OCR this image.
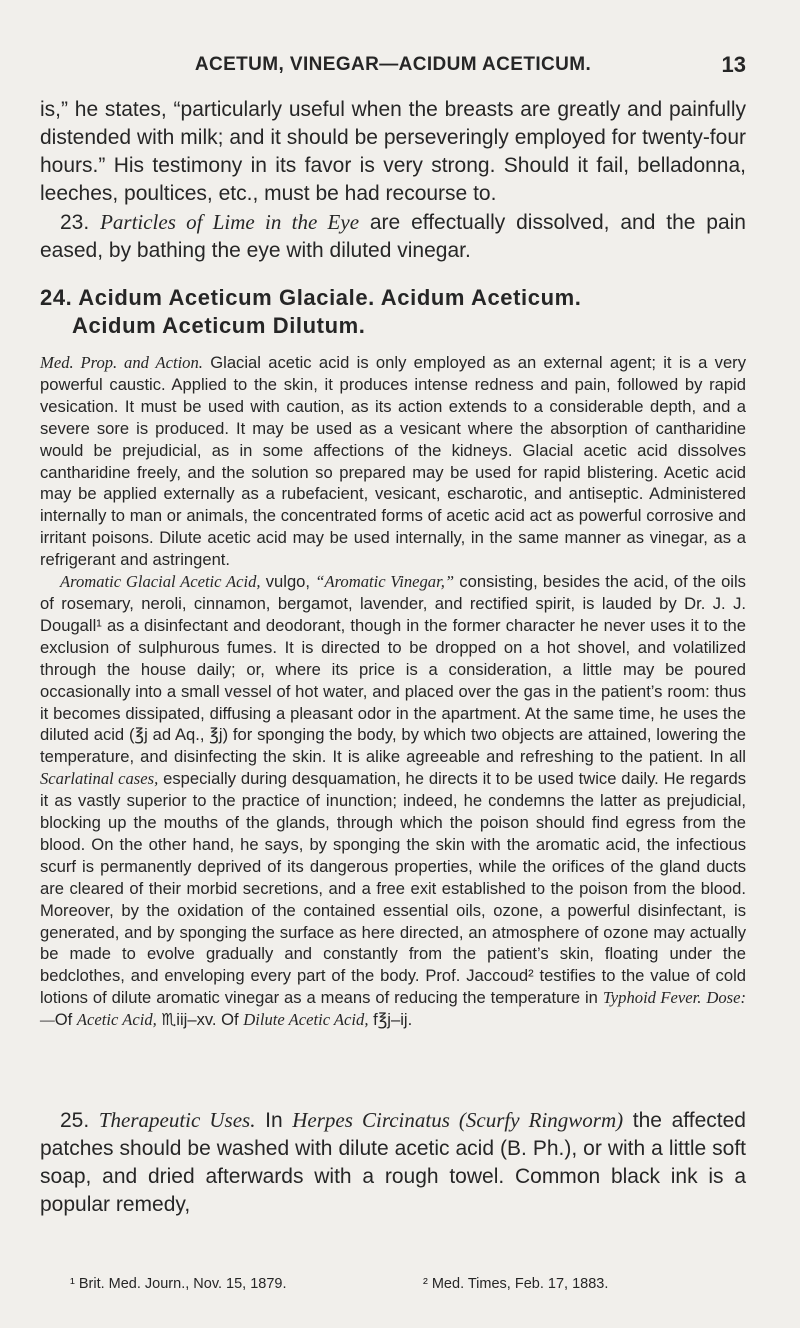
ACETUM, VINEGAR—ACIDUM ACETICUM.	13

is,” he states, “particularly useful when the breasts are greatly and painfully distended with milk; and it should be perseveringly employed for twenty-four hours.” His testimony in its favor is very strong. Should it fail, belladonna, leeches, poultices, etc., must be had recourse to.

23. Particles of Lime in the Eye are effectually dissolved, and the pain eased, by bathing the eye with diluted vinegar.

24. Acidum Aceticum Glaciale. Acidum Aceticum.
Acidum Aceticum Dilutum.

Med. Prop. and Action. Glacial acetic acid is only employed as an external agent; it is a very powerful caustic. Applied to the skin, it produces intense redness and pain, followed by rapid vesication. It must be used with caution, as its action extends to a considerable depth, and a severe sore is produced. It may be used as a vesicant where the absorption of cantharidine would be prejudicial, as in some affections of the kidneys. Glacial acetic acid dissolves cantharidine freely, and the solution so prepared may be used for rapid blistering. Acetic acid may be applied externally as a rubefacient, vesicant, escharotic, and antiseptic. Administered internally to man or animals, the concentrated forms of acetic acid act as powerful corrosive and irritant poisons. Dilute acetic acid may be used internally, in the same manner as vinegar, as a refrigerant and astringent.

Aromatic Glacial Acetic Acid, vulgo, “Aromatic Vinegar,” consisting, besides the acid, of the oils of rosemary, neroli, cinnamon, bergamot, lavender, and rectified spirit, is lauded by Dr. J. J. Dougall¹ as a disinfectant and deodorant, though in the former character he never uses it to the exclusion of sulphurous fumes. It is directed to be dropped on a hot shovel, and volatilized through the house daily; or, where its price is a consideration, a little may be poured occasionally into a small vessel of hot water, and placed over the gas in the patient’s room: thus it becomes dissipated, diffusing a pleasant odor in the apartment. At the same time, he uses the diluted acid (℥j ad Aq., ℥j) for sponging the body, by which two objects are attained, lowering the temperature, and disinfecting the skin. It is alike agreeable and refreshing to the patient. In all Scarlatinal cases, especially during desquamation, he directs it to be used twice daily. He regards it as vastly superior to the practice of inunction; indeed, he condemns the latter as prejudicial, blocking up the mouths of the glands, through which the poison should find egress from the blood. On the other hand, he says, by sponging the skin with the aromatic acid, the infectious scurf is permanently deprived of its dangerous properties, while the orifices of the gland ducts are cleared of their morbid secretions, and a free exit established to the poison from the blood. Moreover, by the oxidation of the contained essential oils, ozone, a powerful disinfectant, is generated, and by sponging the surface as here directed, an atmosphere of ozone may actually be made to evolve gradually and constantly from the patient’s skin, floating under the bedclothes, and enveloping every part of the body. Prof. Jaccoud² testifies to the value of cold lotions of dilute aromatic vinegar as a means of reducing the temperature in Typhoid Fever. Dose:—Of Acetic Acid, ♏iij–xv. Of Dilute Acetic Acid, f℥j–ij.

25. Therapeutic Uses. In Herpes Circinatus (Scurfy Ringworm) the affected patches should be washed with dilute acetic acid (B. Ph.), or with a little soft soap, and dried afterwards with a rough towel. Common black ink is a popular remedy,

¹ Brit. Med. Journ., Nov. 15, 1879.	² Med. Times, Feb. 17, 1883.
